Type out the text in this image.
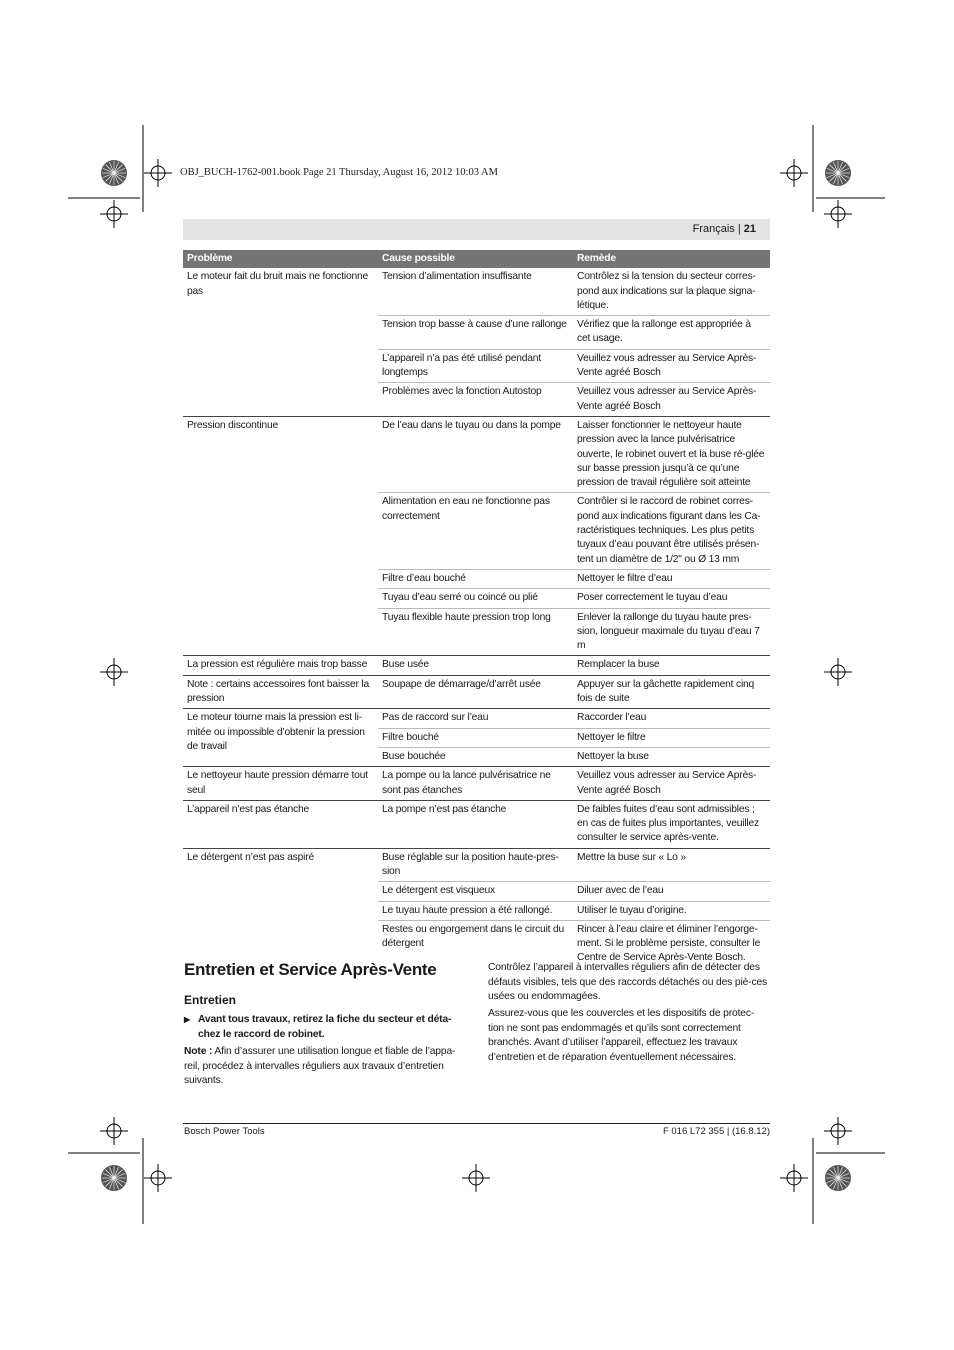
OBJ_BUCH-1762-001.book Page 21 Thursday, August 16, 2012 10:03 AM
Français | 21
Problème	Cause possible	Remède
Le moteur fait du bruit mais ne fonctionne pas	Tension d’alimentation insuffisante	Contrôlez si la tension du secteur corres-pond aux indications sur la plaque signa-létique.
	Tension trop basse à cause d’une rallonge	Vérifiez que la rallonge est appropriée à cet usage.
	L’appareil n’a pas été utilisé pendant longtemps	Veuillez vous adresser au Service Après-Vente agréé Bosch
	Problèmes avec la fonction Autostop	Veuillez vous adresser au Service Après-Vente agréé Bosch
Pression discontinue	De l’eau dans le tuyau ou dans la pompe	Laisser fonctionner le nettoyeur haute pression avec la lance pulvérisatrice ouverte, le robinet ouvert et la buse ré-glée sur basse pression jusqu’à ce qu’une pression de travail régulière soit atteinte
	Alimentation en eau ne fonctionne pas correctement	Contrôler si le raccord de robinet corres-pond aux indications figurant dans les Ca-ractéristiques techniques. Les plus petits tuyaux d’eau pouvant être utilisés présen-tent un diamètre de 1/2" ou Ø 13 mm
	Filtre d’eau bouché	Nettoyer le filtre d’eau
	Tuyau d’eau serré ou coincé ou plié	Poser correctement le tuyau d’eau
	Tuyau flexible haute pression trop long	Enlever la rallonge du tuyau haute pres-sion, longueur maximale du tuyau d’eau 7 m
La pression est régulière mais trop basse	Buse usée	Remplacer la buse
Note : certains accessoires font baisser la pression	Soupape de démarrage/d’arrêt usée	Appuyer sur la gâchette rapidement cinq fois de suite
Le moteur tourne mais la pression est li-mitée ou impossible d’obtenir la pression de travail	Pas de raccord sur l’eau	Raccorder l’eau
	Filtre bouché	Nettoyer le filtre
	Buse bouchée	Nettoyer la buse
Le nettoyeur haute pression démarre tout seul	La pompe ou la lance pulvérisatrice ne sont pas étanches	Veuillez vous adresser au Service Après-Vente agréé Bosch
L’appareil n’est pas étanche	La pompe n’est pas étanche	De faibles fuites d’eau sont admissibles ; en cas de fuites plus importantes, veuillez consulter le service après-vente.
Le détergent n’est pas aspiré	Buse réglable sur la position haute-pres-sion	Mettre la buse sur « Lo »
	Le détergent est visqueux	Diluer avec de l’eau
	Le tuyau haute pression a été rallongé.	Utiliser le tuyau d’origine.
	Restes ou engorgement dans le circuit du détergent	Rincer à l’eau claire et éliminer l’engorge-ment. Si le problème persiste, consulter le Centre de Service Après-Vente Bosch.
Entretien et Service Après-Vente
Entretien
▶ Avant tous travaux, retirez la fiche du secteur et déta-chez le raccord de robinet.
Note : Afin d’assurer une utilisation longue et fiable de l’appa-reil, procédez à intervalles réguliers aux travaux d’entretien suivants.
Contrôlez l’appareil à intervalles réguliers afin de détecter des défauts visibles, tels que des raccords détachés ou des piè-ces usées ou endommagées.
Assurez-vous que les couvercles et les dispositifs de protec-tion ne sont pas endommagés et qu’ils sont correctement branchés. Avant d’utiliser l’appareil, effectuez les travaux d’entretien et de réparation éventuellement nécessaires.
Bosch Power Tools	F 016 L72 355 | (16.8.12)
